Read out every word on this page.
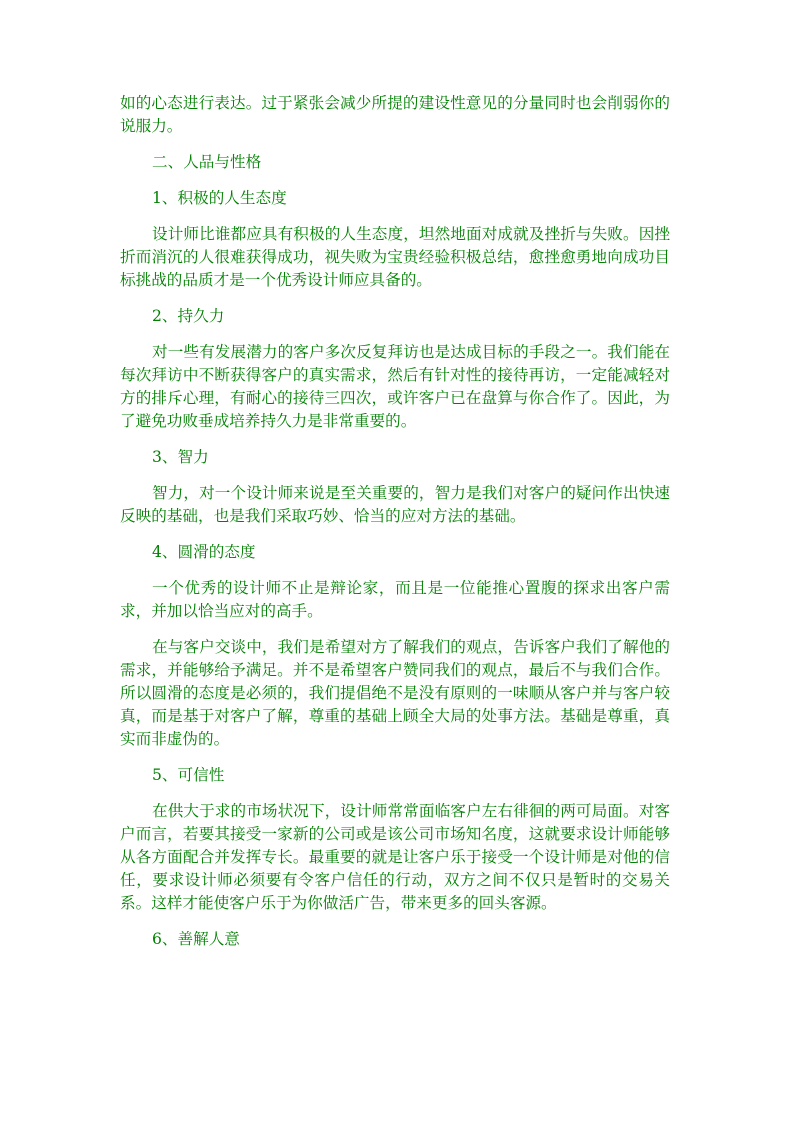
如的心态进行表达。过于紧张会减少所提的建设性意见的分量同时也会削弱你的说服力。

二、人品与性格

1、积极的人生态度

设计师比谁都应具有积极的人生态度，坦然地面对成就及挫折与失败。因挫折而消沉的人很难获得成功，视失败为宝贵经验积极总结，愈挫愈勇地向成功目标挑战的品质才是一个优秀设计师应具备的。

2、持久力

对一些有发展潜力的客户多次反复拜访也是达成目标的手段之一。我们能在每次拜访中不断获得客户的真实需求，然后有针对性的接待再访，一定能减轻对方的排斥心理，有耐心的接待三四次，或许客户已在盘算与你合作了。因此，为了避免功败垂成培养持久力是非常重要的。

3、智力

智力，对一个设计师来说是至关重要的，智力是我们对客户的疑问作出快速反映的基础，也是我们采取巧妙、恰当的应对方法的基础。

4、圆滑的态度

一个优秀的设计师不止是辩论家，而且是一位能推心置腹的探求出客户需求，并加以恰当应对的高手。

在与客户交谈中，我们是希望对方了解我们的观点，告诉客户我们了解他的需求，并能够给予满足。并不是希望客户赞同我们的观点，最后不与我们合作。所以圆滑的态度是必须的，我们提倡绝不是没有原则的一味顺从客户并与客户较真，而是基于对客户了解，尊重的基础上顾全大局的处事方法。基础是尊重，真实而非虚伪的。

5、可信性

在供大于求的市场状况下，设计师常常面临客户左右徘徊的两可局面。对客户而言，若要其接受一家新的公司或是该公司市场知名度，这就要求设计师能够从各方面配合并发挥专长。最重要的就是让客户乐于接受一个设计师是对他的信任，要求设计师必须要有令客户信任的行动，双方之间不仅只是暂时的交易关系。这样才能使客户乐于为你做活广告，带来更多的回头客源。

6、善解人意
